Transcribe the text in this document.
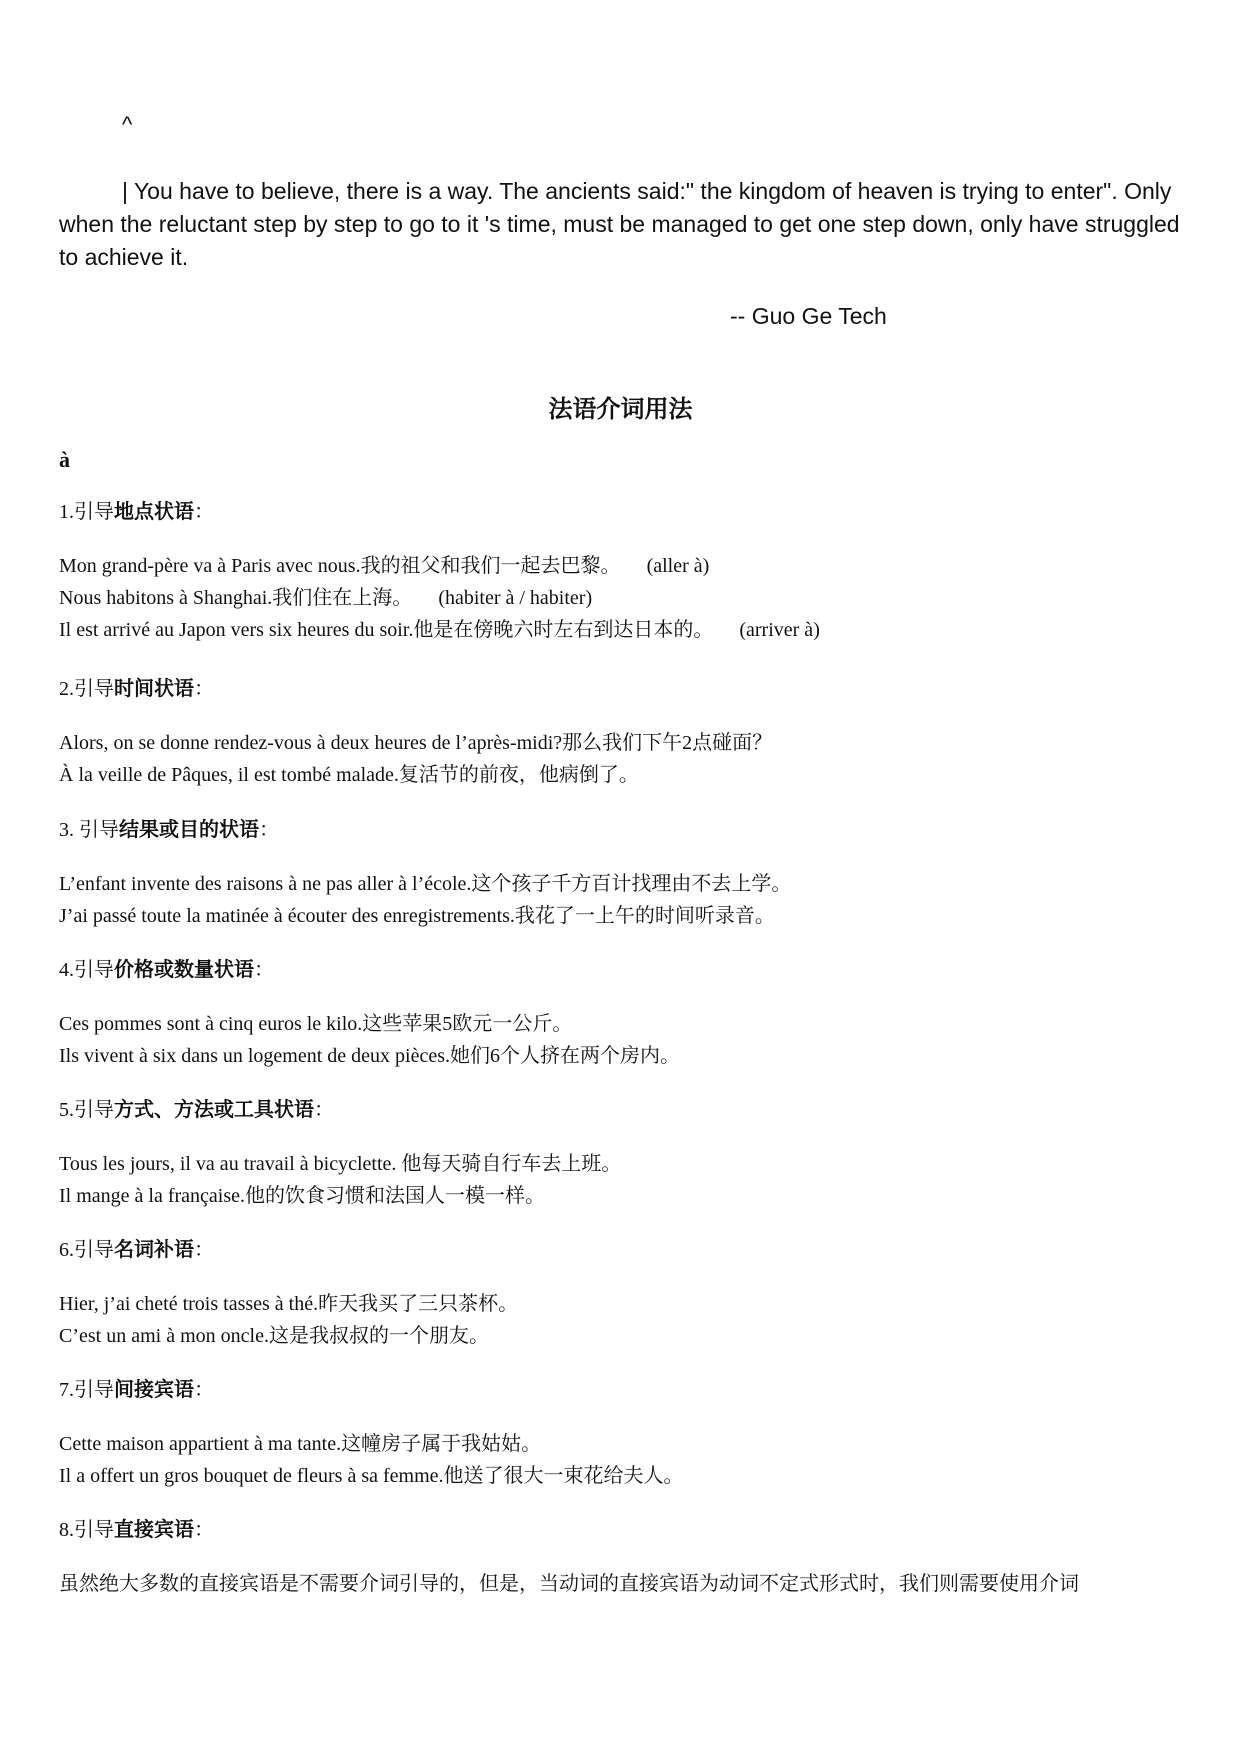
^
| You have to believe, there is a way. The ancients said:" the kingdom of heaven is trying to enter". Only when the reluctant step by step to go to it 's time, must be managed to get one step down, only have struggled to achieve it.
-- Guo Ge Tech
法语介词用法
à
1.引导地点状语：
Mon grand-père va à Paris avec nous.我的祖父和我们一起去巴黎。 (aller à)
Nous habitons à Shanghai.我们住在上海。 (habiter à / habiter)
Il est arrivé au Japon vers six heures du soir.他是在傍晚六时左右到达日本的。 (arriver à)
2.引导时间状语：
Alors, on se donne rendez-vous à deux heures de l’après-midi?那么我们下午2点碰面？
À la veille de Pâques, il est tombé malade.复活节的前夜，他病倒了。
3. 引导结果或目的状语：
L’enfant invente des raisons à ne pas aller à l’école.这个孩子千方百计找理由不去上学。
J’ai passé toute la matinée à écouter des enregistrements.我花了一上午的时间听录音。
4.引导价格或数量状语：
Ces pommes sont à cinq euros le kilo.这些苹果5欧元一公斤。
Ils vivent à six dans un logement de deux pièces.她们6个人挤在两个房内。
5.引导方式、方法或工具状语：
Tous les jours, il va au travail à bicyclette. 他每天骑自行车去上班。
Il mange à la française.他的饮食习惯和法国人一模一样。
6.引导名词补语：
Hier, j’ai cheté trois tasses à thé.昨天我买了三只茶杯。
C’est un ami à mon oncle.这是我叔叔的一个朋友。
7.引导间接宾语：
Cette maison appartient à ma tante.这幢房子属于我姑姑。
Il a offert un gros bouquet de fleurs à sa femme.他送了很大一束花给夫人。
8.引导直接宾语：
虽然绝大多数的直接宾语是不需要介词引导的，但是，当动词的直接宾语为动词不定式形式时，我们则需要使用介词
